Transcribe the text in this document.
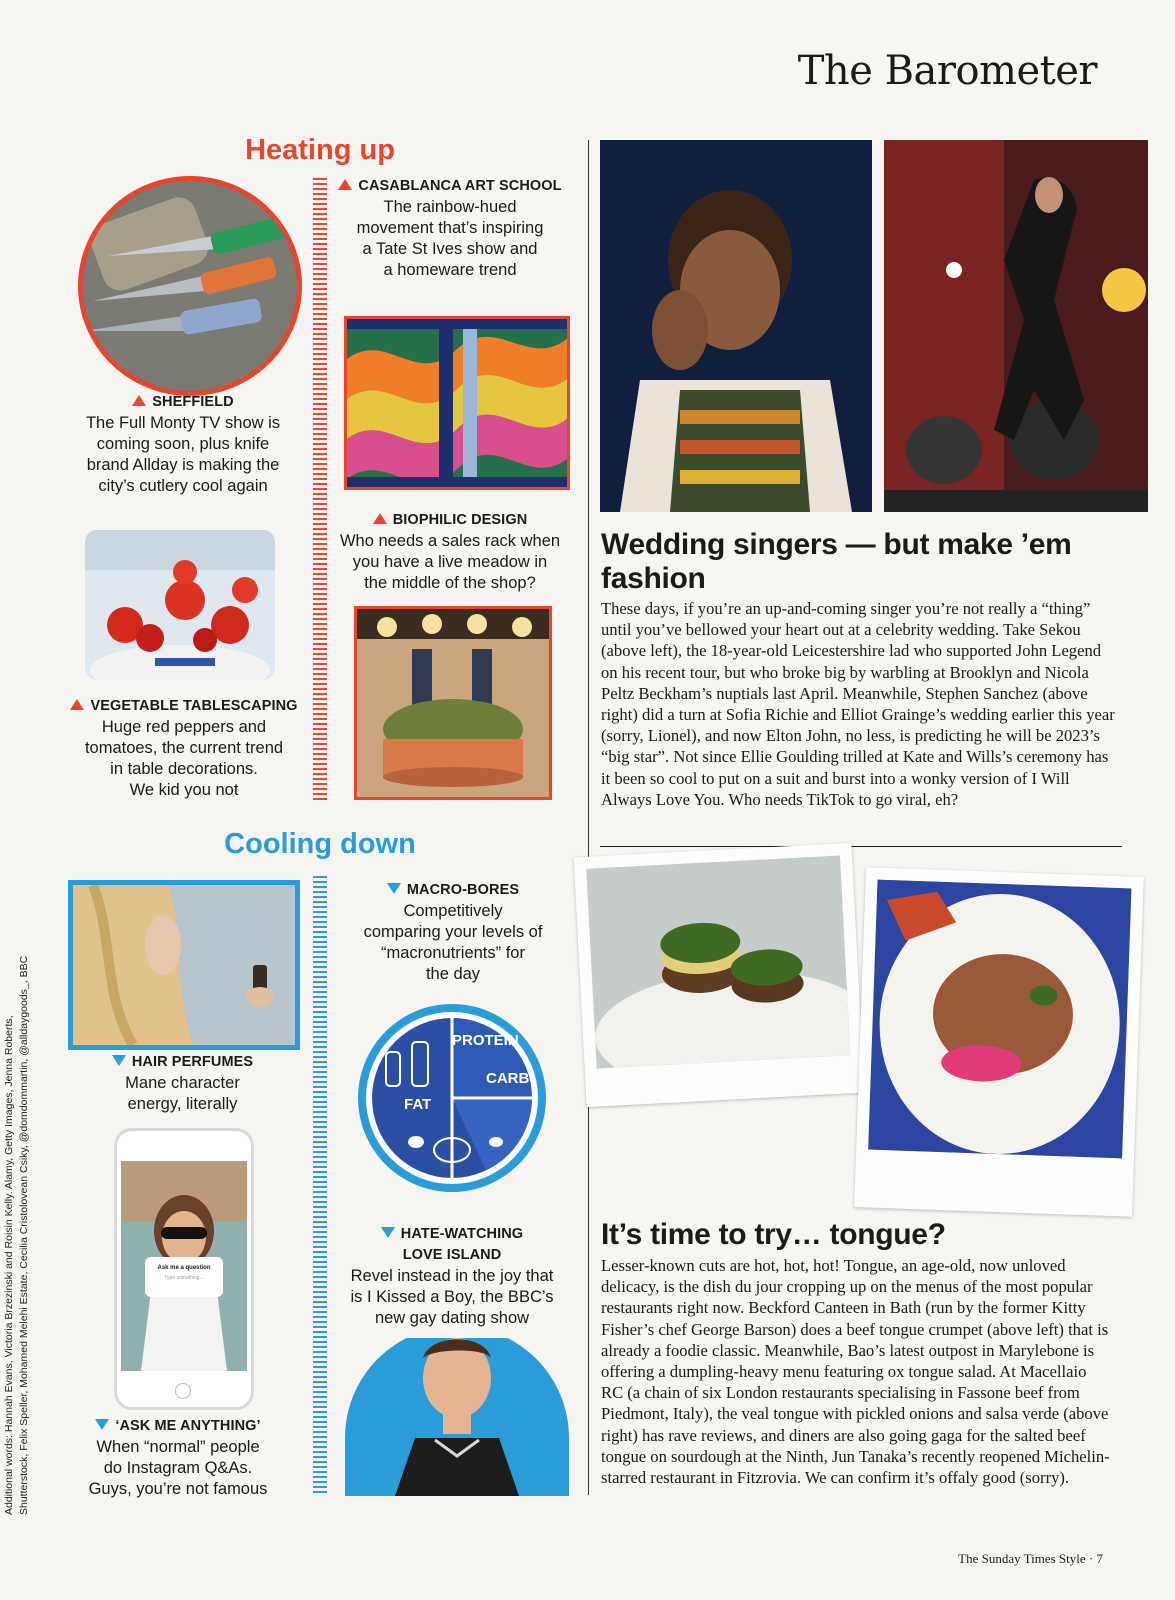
The Barometer
Heating up
SHEFFIELD
The Full Monty TV show is
coming soon, plus knife
brand Allday is making the
city’s cutlery cool again
CASABLANCA ART SCHOOL
The rainbow-hued
movement that’s inspiring
a Tate St Ives show and
a homeware trend
VEGETABLE TABLESCAPING
Huge red peppers and
tomatoes, the current trend
in table decorations.
We kid you not
BIOPHILIC DESIGN
Who needs a sales rack when
you have a live meadow in
the middle of the shop?
Cooling down
HAIR PERFUMES
Mane character
energy, literally
MACRO-BORES
Competitively
comparing your levels of
“macronutrients” for
the day
PROTEIN
CARB
FAT
Ask me a question
Type something...
‘ASK ME ANYTHING’
When “normal” people
do Instagram Q&As.
Guys, you’re not famous
HATE-WATCHING LOVE ISLAND
Revel instead in the joy that
is I Kissed a Boy, the BBC’s
new gay dating show
Wedding singers — but make ’em fashion
These days, if you’re an up-and-coming singer you’re not really a “thing” until you’ve bellowed your heart out at a celebrity wedding. Take Sekou (above left), the 18-year-old Leicestershire lad who supported John Legend on his recent tour, but who broke big by warbling at Brooklyn and Nicola Peltz Beckham’s nuptials last April. Meanwhile, Stephen Sanchez (above right) did a turn at Sofia Richie and Elliot Grainge’s wedding earlier this year (sorry, Lionel), and now Elton John, no less, is predicting he will be 2023’s “big star”. Not since Ellie Goulding trilled at Kate and Wills’s ceremony has it been so cool to put on a suit and burst into a wonky version of I Will Always Love You. Who needs TikTok to go viral, eh?
It’s time to try… tongue?
Lesser-known cuts are hot, hot, hot! Tongue, an age-old, now unloved delicacy, is the dish du jour cropping up on the menus of the most popular restaurants right now. Beckford Canteen in Bath (run by the former Kitty Fisher’s chef George Barson) does a beef tongue crumpet (above left) that is already a foodie classic. Meanwhile, Bao’s latest outpost in Marylebone is offering a dumpling-heavy menu featuring ox tongue salad. At Macellaio RC (a chain of six London restaurants specialising in Fassone beef from Piedmont, Italy), the veal tongue with pickled onions and salsa verde (above right) has rave reviews, and diners are also going gaga for the salted beef tongue on sourdough at the Ninth, Jun Tanaka’s recently reopened Michelin-starred restaurant in Fitzrovia. We can confirm it’s offaly good (sorry).
Additional words: Hannah Evans, Victoria Brzezinski and Roisin Kelly. Alamy, Getty Images, Jenna Roberts, Shutterstock, Felix Speller, Mohamed Melehi Estate, Cecilia Cristolovean Csiky, @domdommartin, @alldaygoods_, BBC
The Sunday Times Style · 7
